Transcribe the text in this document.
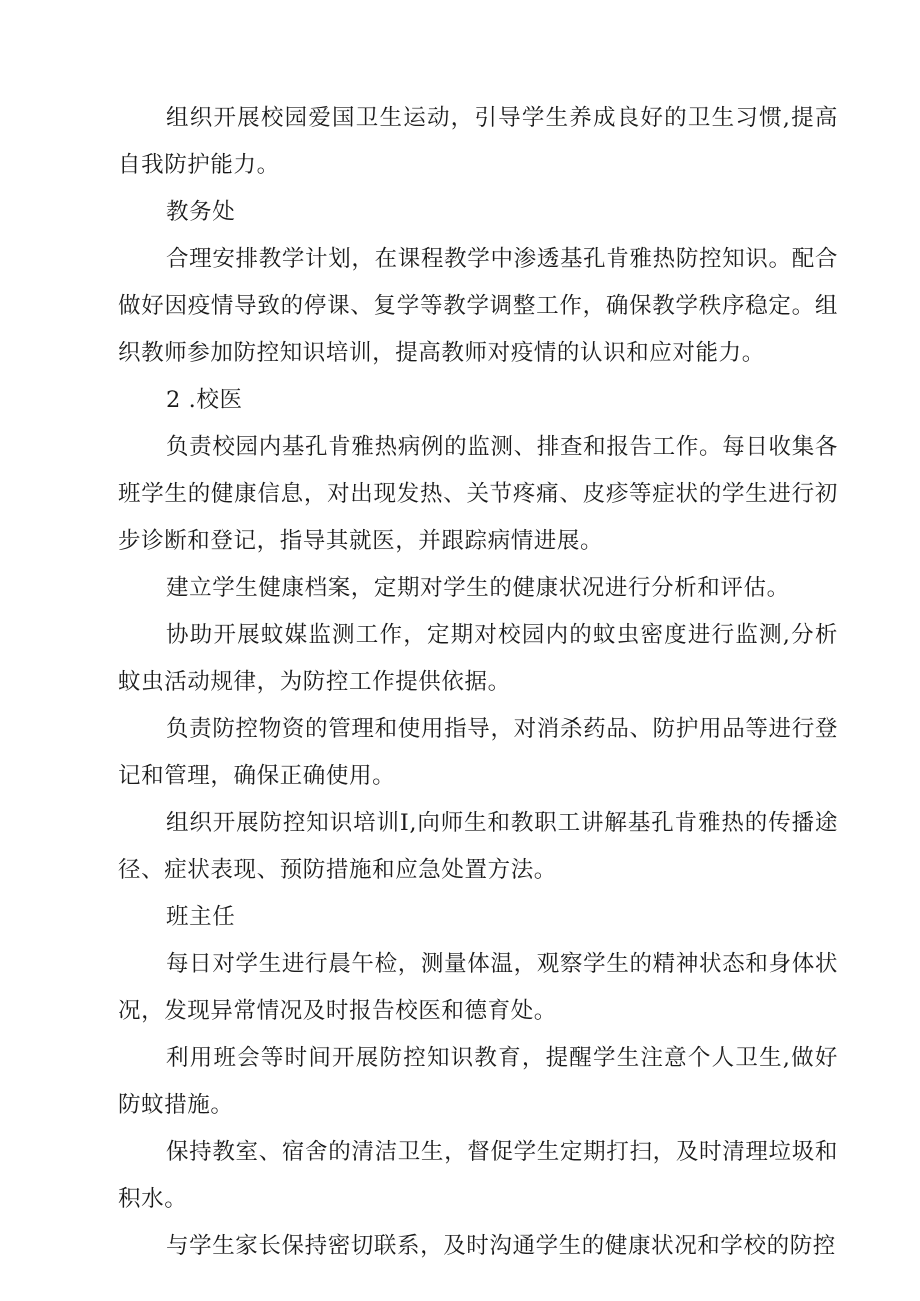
组织开展校园爱国卫生运动，引导学生养成良好的卫生习惯,提高自我防护能力。

教务处

合理安排教学计划，在课程教学中渗透基孔肯雅热防控知识。配合做好因疫情导致的停课、复学等教学调整工作，确保教学秩序稳定。组织教师参加防控知识培训，提高教师对疫情的认识和应对能力。

2 .校医

负责校园内基孔肯雅热病例的监测、排查和报告工作。每日收集各班学生的健康信息，对出现发热、关节疼痛、皮疹等症状的学生进行初步诊断和登记，指导其就医，并跟踪病情进展。

建立学生健康档案，定期对学生的健康状况进行分析和评估。

协助开展蚊媒监测工作，定期对校园内的蚊虫密度进行监测,分析蚊虫活动规律，为防控工作提供依据。

负责防控物资的管理和使用指导，对消杀药品、防护用品等进行登记和管理，确保正确使用。

组织开展防控知识培训I,向师生和教职工讲解基孔肯雅热的传播途径、症状表现、预防措施和应急处置方法。

班主任

每日对学生进行晨午检，测量体温，观察学生的精神状态和身体状况，发现异常情况及时报告校医和德育处。

利用班会等时间开展防控知识教育，提醒学生注意个人卫生,做好防蚊措施。

保持教室、宿舍的清洁卫生，督促学生定期打扫，及时清理垃圾和积水。

与学生家长保持密切联系，及时沟通学生的健康状况和学校的防控
